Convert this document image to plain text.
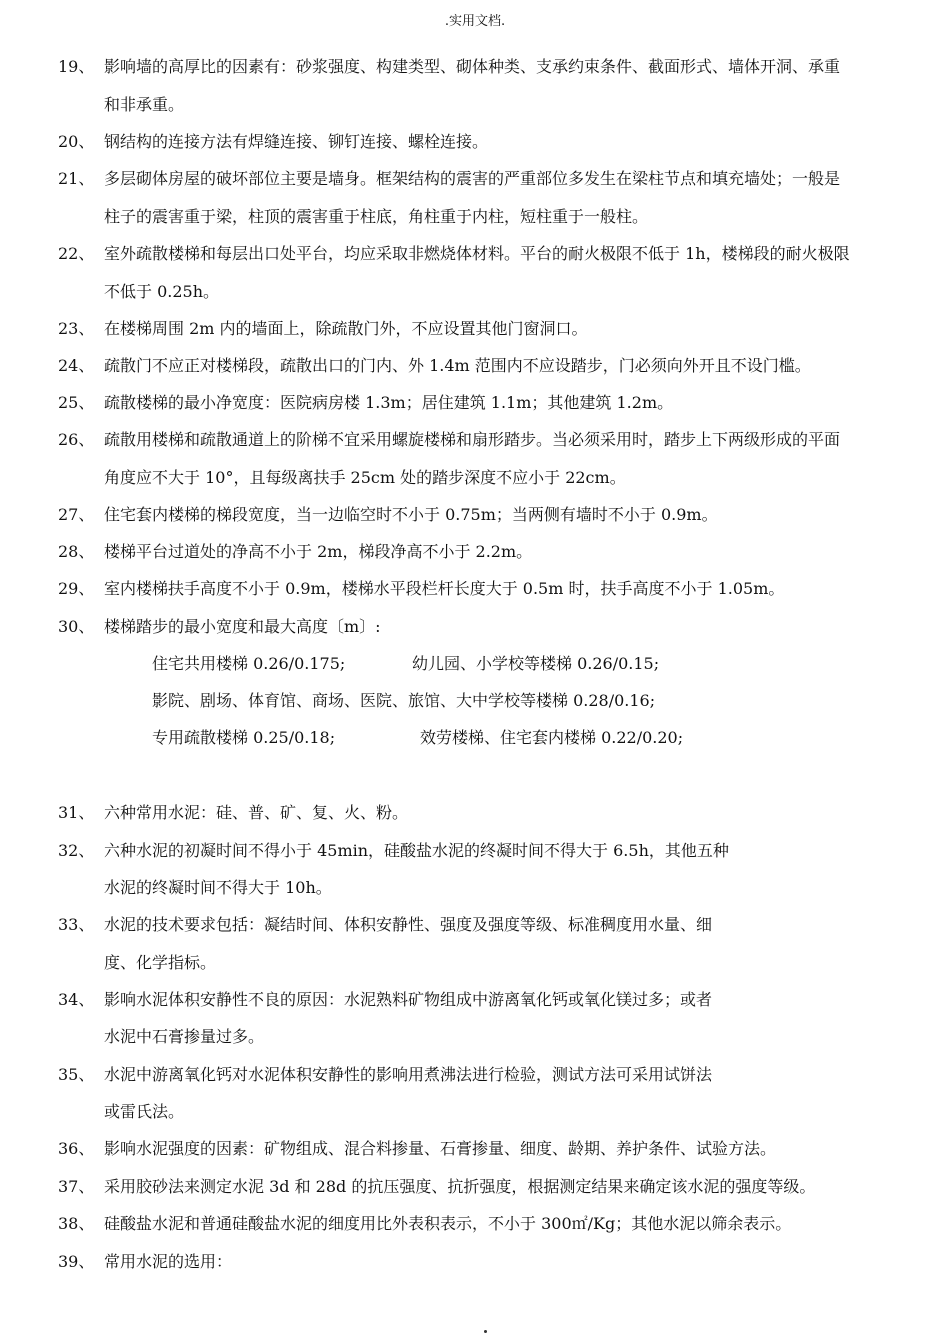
.实用文档.
19、 影响墙的高厚比的因素有：砂浆强度、构建类型、砌体种类、支承约束条件、截面形式、墙体开洞、承重
和非承重。
20、 钢结构的连接方法有焊缝连接、铆钉连接、螺栓连接。
21、 多层砌体房屋的破坏部位主要是墙身。框架结构的震害的严重部位多发生在梁柱节点和填充墙处；一般是
柱子的震害重于梁，柱顶的震害重于柱底，角柱重于内柱，短柱重于一般柱。
22、 室外疏散楼梯和每层出口处平台，均应采取非燃烧体材料。平台的耐火极限不低于 1h，楼梯段的耐火极限
不低于 0.25h。
23、 在楼梯周围 2m 内的墙面上，除疏散门外，不应设置其他门窗洞口。
24、 疏散门不应正对楼梯段，疏散出口的门内、外 1.4m 范围内不应设踏步，门必须向外开且不设门槛。
25、 疏散楼梯的最小净宽度：医院病房楼 1.3m；居住建筑 1.1m；其他建筑 1.2m。
26、 疏散用楼梯和疏散通道上的阶梯不宜采用螺旋楼梯和扇形踏步。当必须采用时，踏步上下两级形成的平面
角度应不大于 10°，且每级离扶手 25cm 处的踏步深度不应小于 22cm。
27、 住宅套内楼梯的梯段宽度，当一边临空时不小于 0.75m；当两侧有墙时不小于 0.9m。
28、 楼梯平台过道处的净高不小于 2m，梯段净高不小于 2.2m。
29、 室内楼梯扶手高度不小于 0.9m，楼梯水平段栏杆长度大于 0.5m 时，扶手高度不小于 1.05m。
30、 楼梯踏步的最小宽度和最大高度〔m〕:
住宅共用楼梯 0.26/0.175;	幼儿园、小学校等楼梯 0.26/0.15;
影院、剧场、体育馆、商场、医院、旅馆、大中学校等楼梯 0.28/0.16;
专用疏散楼梯 0.25/0.18;	效劳楼梯、住宅套内楼梯 0.22/0.20;
31、 六种常用水泥：硅、普、矿、复、火、粉。
32、 六种水泥的初凝时间不得小于 45min，硅酸盐水泥的终凝时间不得大于 6.5h，其他五种
水泥的终凝时间不得大于 10h。
33、 水泥的技术要求包括：凝结时间、体积安静性、强度及强度等级、标准稠度用水量、细
度、化学指标。
34、 影响水泥体积安静性不良的原因：水泥熟料矿物组成中游离氧化钙或氧化镁过多；或者
水泥中石膏掺量过多。
35、 水泥中游离氧化钙对水泥体积安静性的影响用煮沸法进行检验，测试方法可采用试饼法
或雷氏法。
36、 影响水泥强度的因素：矿物组成、混合料掺量、石膏掺量、细度、龄期、养护条件、试验方法。
37、 采用胶砂法来测定水泥 3d 和 28d 的抗压强度、抗折强度，根据测定结果来确定该水泥的强度等级。
38、 硅酸盐水泥和普通硅酸盐水泥的细度用比外表积表示，不小于 300㎡/Kg；其他水泥以筛余表示。
39、 常用水泥的选用：
